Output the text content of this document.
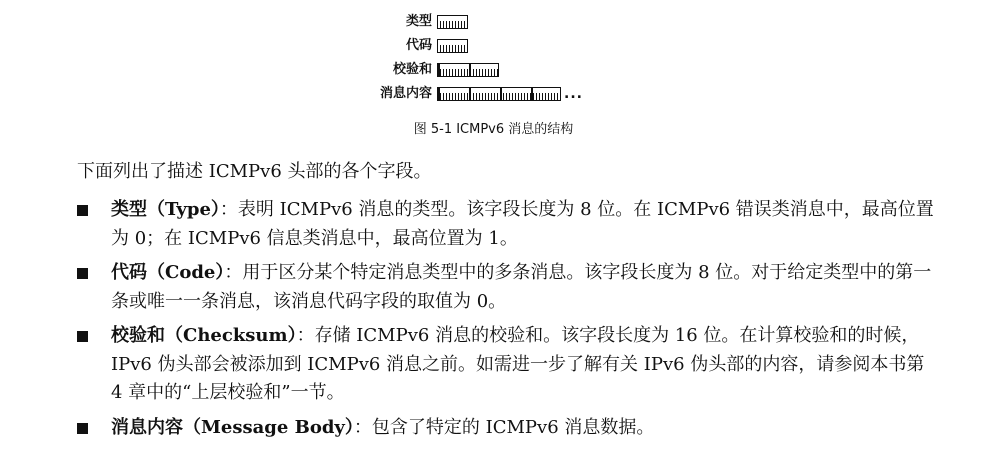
类型
代码
校验和
消息内容	...
图 5-1 ICMPv6 消息的结构
下面列出了描述 ICMPv6 头部的各个字段。
类型（Type）：表明 ICMPv6 消息的类型。该字段长度为 8 位。在 ICMPv6 错误类消息中，最高位置为 0；在 ICMPv6 信息类消息中，最高位置为 1。
代码（Code）：用于区分某个特定消息类型中的多条消息。该字段长度为 8 位。对于给定类型中的第一条或唯一一条消息，该消息代码字段的取值为 0。
校验和（Checksum）：存储 ICMPv6 消息的校验和。该字段长度为 16 位。在计算校验和的时候，IPv6 伪头部会被添加到 ICMPv6 消息之前。如需进一步了解有关 IPv6 伪头部的内容，请参阅本书第 4 章中的“上层校验和”一节。
消息内容（Message Body）：包含了特定的 ICMPv6 消息数据。
